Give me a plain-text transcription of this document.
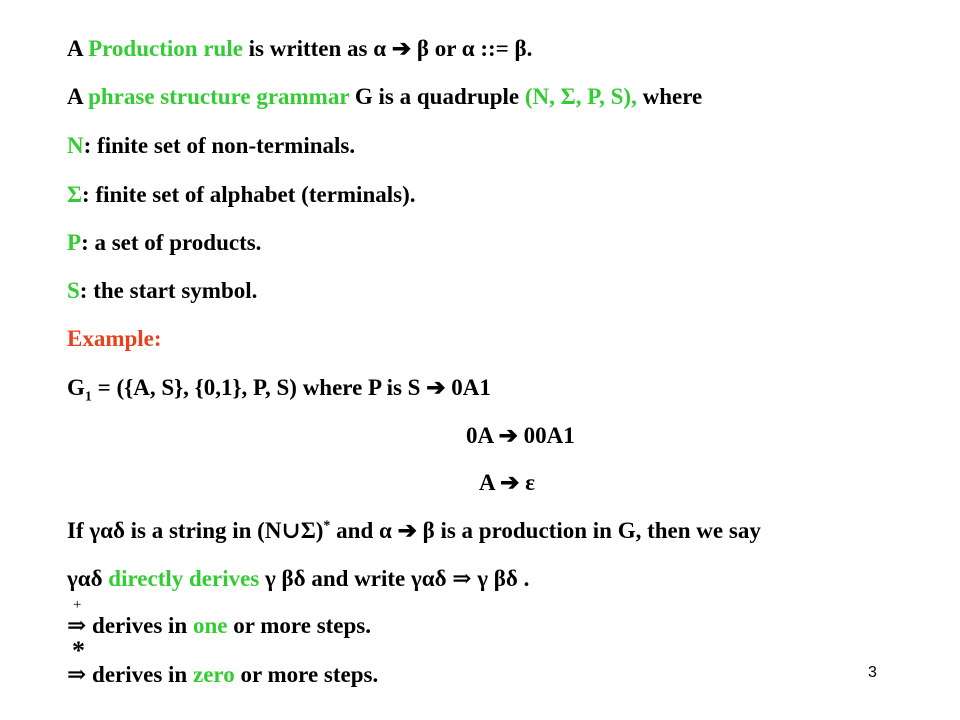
A Production rule is written as α ➔ β or α ::= β.
A phrase structure grammar G is a quadruple (N, Σ, P, S), where
N: finite set of non-terminals.
Σ: finite set of alphabet (terminals).
P: a set of products.
S: the start symbol.
Example:
$G_1 = (\{A$, S}, {0,1}, P, S) where P is S ➔ 0A1
0A ➔ 00A1
A ➔ ε
If γαδ is a string in (N∪Σ)* and α ➔ β is a production in G, then we say
γαδ directly derives γ βδ and write γαδ ⇒ γ βδ .
+
⇒ derives in one or more steps.
*
⇒ derives in zero or more steps.	3
